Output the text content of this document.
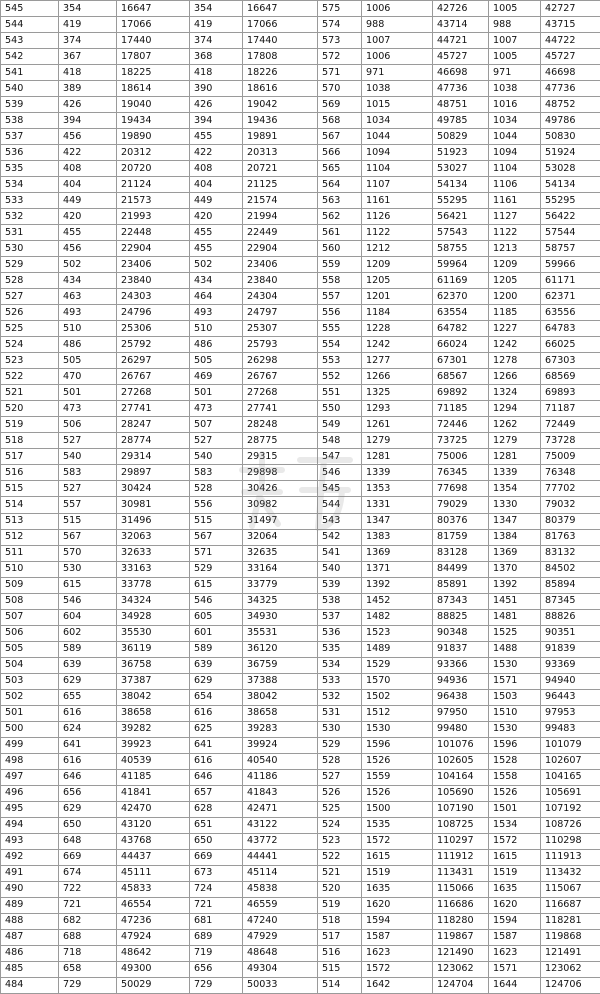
545	354	16647	354	16647	575	1006	42726	1005	42727
544	419	17066	419	17066	574	988	43714	988	43715
543	374	17440	374	17440	573	1007	44721	1007	44722
542	367	17807	368	17808	572	1006	45727	1005	45727
541	418	18225	418	18226	571	971	46698	971	46698
540	389	18614	390	18616	570	1038	47736	1038	47736
539	426	19040	426	19042	569	1015	48751	1016	48752
538	394	19434	394	19436	568	1034	49785	1034	49786
537	456	19890	455	19891	567	1044	50829	1044	50830
536	422	20312	422	20313	566	1094	51923	1094	51924
535	408	20720	408	20721	565	1104	53027	1104	53028
534	404	21124	404	21125	564	1107	54134	1106	54134
533	449	21573	449	21574	563	1161	55295	1161	55295
532	420	21993	420	21994	562	1126	56421	1127	56422
531	455	22448	455	22449	561	1122	57543	1122	57544
530	456	22904	455	22904	560	1212	58755	1213	58757
529	502	23406	502	23406	559	1209	59964	1209	59966
528	434	23840	434	23840	558	1205	61169	1205	61171
527	463	24303	464	24304	557	1201	62370	1200	62371
526	493	24796	493	24797	556	1184	63554	1185	63556
525	510	25306	510	25307	555	1228	64782	1227	64783
524	486	25792	486	25793	554	1242	66024	1242	66025
523	505	26297	505	26298	553	1277	67301	1278	67303
522	470	26767	469	26767	552	1266	68567	1266	68569
521	501	27268	501	27268	551	1325	69892	1324	69893
520	473	27741	473	27741	550	1293	71185	1294	71187
519	506	28247	507	28248	549	1261	72446	1262	72449
518	527	28774	527	28775	548	1279	73725	1279	73728
517	540	29314	540	29315	547	1281	75006	1281	75009
516	583	29897	583	29898	546	1339	76345	1339	76348
515	527	30424	528	30426	545	1353	77698	1354	77702
514	557	30981	556	30982	544	1331	79029	1330	79032
513	515	31496	515	31497	543	1347	80376	1347	80379
512	567	32063	567	32064	542	1383	81759	1384	81763
511	570	32633	571	32635	541	1369	83128	1369	83132
510	530	33163	529	33164	540	1371	84499	1370	84502
509	615	33778	615	33779	539	1392	85891	1392	85894
508	546	34324	546	34325	538	1452	87343	1451	87345
507	604	34928	605	34930	537	1482	88825	1481	88826
506	602	35530	601	35531	536	1523	90348	1525	90351
505	589	36119	589	36120	535	1489	91837	1488	91839
504	639	36758	639	36759	534	1529	93366	1530	93369
503	629	37387	629	37388	533	1570	94936	1571	94940
502	655	38042	654	38042	532	1502	96438	1503	96443
501	616	38658	616	38658	531	1512	97950	1510	97953
500	624	39282	625	39283	530	1530	99480	1530	99483
499	641	39923	641	39924	529	1596	101076	1596	101079
498	616	40539	616	40540	528	1526	102605	1528	102607
497	646	41185	646	41186	527	1559	104164	1558	104165
496	656	41841	657	41843	526	1526	105690	1526	105691
495	629	42470	628	42471	525	1500	107190	1501	107192
494	650	43120	651	43122	524	1535	108725	1534	108726
493	648	43768	650	43772	523	1572	110297	1572	110298
492	669	44437	669	44441	522	1615	111912	1615	111913
491	674	45111	673	45114	521	1519	113431	1519	113432
490	722	45833	724	45838	520	1635	115066	1635	115067
489	721	46554	721	46559	519	1620	116686	1620	116687
488	682	47236	681	47240	518	1594	118280	1594	118281
487	688	47924	689	47929	517	1587	119867	1587	119868
486	718	48642	719	48648	516	1623	121490	1623	121491
485	658	49300	656	49304	515	1572	123062	1571	123062
484	729	50029	729	50033	514	1642	124704	1644	124706
